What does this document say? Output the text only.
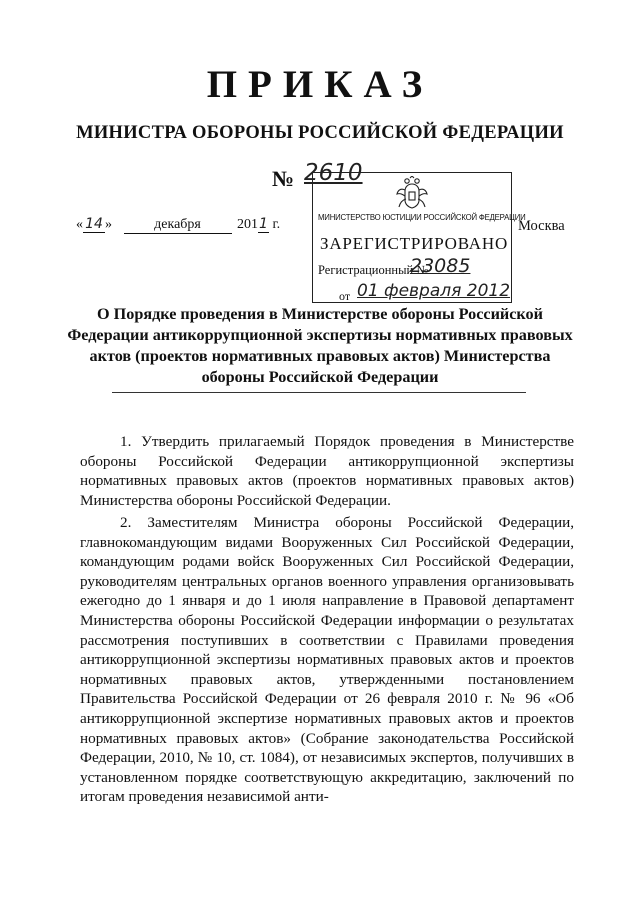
ПРИКАЗ
МИНИСТРА ОБОРОНЫ РОССИЙСКОЙ ФЕДЕРАЦИИ
№ 2610
« 14 »	декабря	2011 г.	Москва
МИНИСТЕРСТВО ЮСТИЦИИ РОССИЙСКОЙ ФЕДЕРАЦИИ
ЗАРЕГИСТРИРОВАНО
Регистрационный №
23085
от 01 февраля 2012
О Порядке проведения в Министерстве обороны Российской Федерации антикоррупционной экспертизы нормативных правовых актов (проектов нормативных правовых актов) Министерства обороны Российской Федерации
1. Утвердить прилагаемый Порядок проведения в Министерстве обороны Российской Федерации антикоррупционной экспертизы нормативных правовых актов (проектов нормативных правовых актов) Министерства обороны Российской Федерации.
2. Заместителям Министра обороны Российской Федерации, главнокомандующим видами Вооруженных Сил Российской Федерации, командующим родами войск Вооруженных Сил Российской Федерации, руководителям центральных органов военного управления организовывать ежегодно до 1 января и до 1 июля направление в Правовой департамент Министерства обороны Российской Федерации информации о результатах рассмотрения поступивших в соответствии с Правилами проведения антикоррупционной экспертизы нормативных правовых актов и проектов нормативных правовых актов, утвержденными постановлением Правительства Российской Федерации от 26 февраля 2010 г. № 96 «Об антикоррупционной экспертизе нормативных правовых актов и проектов нормативных правовых актов» (Собрание законодательства Российской Федерации, 2010, № 10, ст. 1084), от независимых экспертов, получивших в установленном порядке соответствующую аккредитацию, заключений по итогам проведения независимой анти-
